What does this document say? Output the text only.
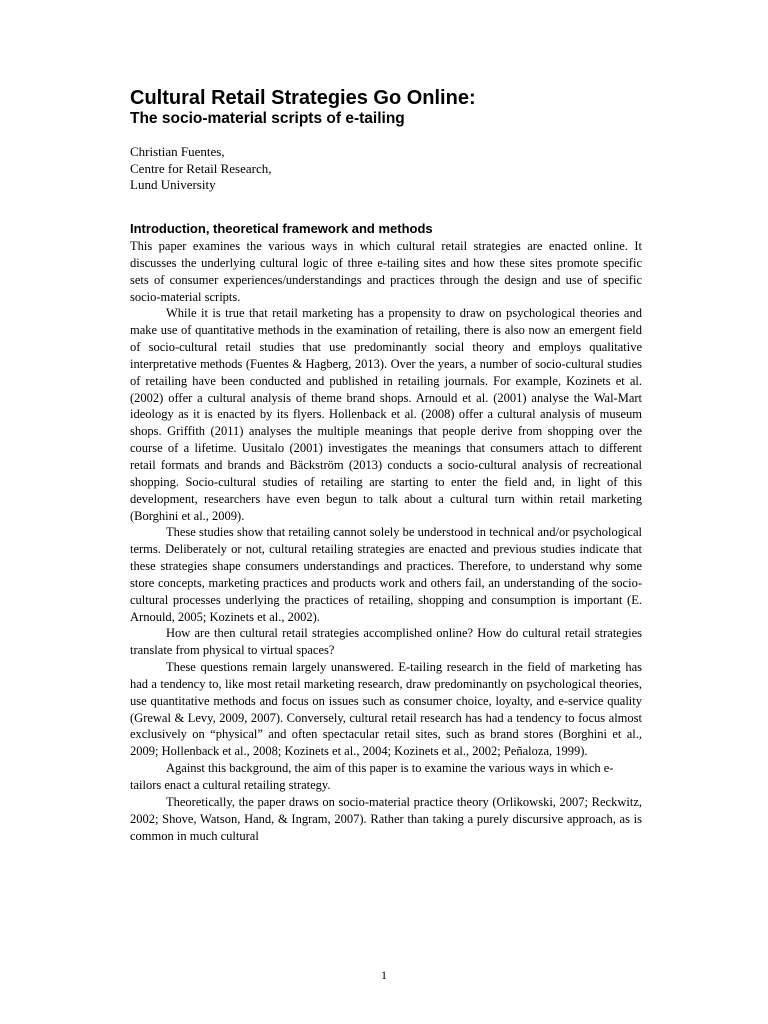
Cultural Retail Strategies Go Online:
The socio-material scripts of e-tailing
Christian Fuentes,
Centre for Retail Research,
Lund University
Introduction, theoretical framework and methods

This paper examines the various ways in which cultural retail strategies are enacted online. It discusses the underlying cultural logic of three e-tailing sites and how these sites promote specific sets of consumer experiences/understandings and practices through the design and use of specific socio-material scripts.

While it is true that retail marketing has a propensity to draw on psychological theories and make use of quantitative methods in the examination of retailing, there is also now an emergent field of socio-cultural retail studies that use predominantly social theory and employs qualitative interpretative methods (Fuentes & Hagberg, 2013). Over the years, a number of socio-cultural studies of retailing have been conducted and published in retailing journals. For example, Kozinets et al. (2002) offer a cultural analysis of theme brand shops. Arnould et al. (2001) analyse the Wal-Mart ideology as it is enacted by its flyers. Hollenback et al. (2008) offer a cultural analysis of museum shops. Griffith (2011) analyses the multiple meanings that people derive from shopping over the course of a lifetime. Uusitalo (2001) investigates the meanings that consumers attach to different retail formats and brands and Bäckström (2013) conducts a socio-cultural analysis of recreational shopping. Socio-cultural studies of retailing are starting to enter the field and, in light of this development, researchers have even begun to talk about a cultural turn within retail marketing (Borghini et al., 2009).

These studies show that retailing cannot solely be understood in technical and/or psychological terms. Deliberately or not, cultural retailing strategies are enacted and previous studies indicate that these strategies shape consumers understandings and practices. Therefore, to understand why some store concepts, marketing practices and products work and others fail, an understanding of the socio-cultural processes underlying the practices of retailing, shopping and consumption is important (E. Arnould, 2005; Kozinets et al., 2002).

How are then cultural retail strategies accomplished online? How do cultural retail strategies translate from physical to virtual spaces?

These questions remain largely unanswered. E-tailing research in the field of marketing has had a tendency to, like most retail marketing research, draw predominantly on psychological theories, use quantitative methods and focus on issues such as consumer choice, loyalty, and e-service quality (Grewal & Levy, 2009, 2007). Conversely, cultural retail research has had a tendency to focus almost exclusively on “physical” and often spectacular retail sites, such as brand stores (Borghini et al., 2009; Hollenback et al., 2008; Kozinets et al., 2004; Kozinets et al., 2002; Peñaloza, 1999).

Against this background, the aim of this paper is to examine the various ways in which e-tailors enact a cultural retailing strategy.

Theoretically, the paper draws on socio-material practice theory (Orlikowski, 2007; Reckwitz, 2002; Shove, Watson, Hand, & Ingram, 2007). Rather than taking a purely discursive approach, as is common in much cultural

1
